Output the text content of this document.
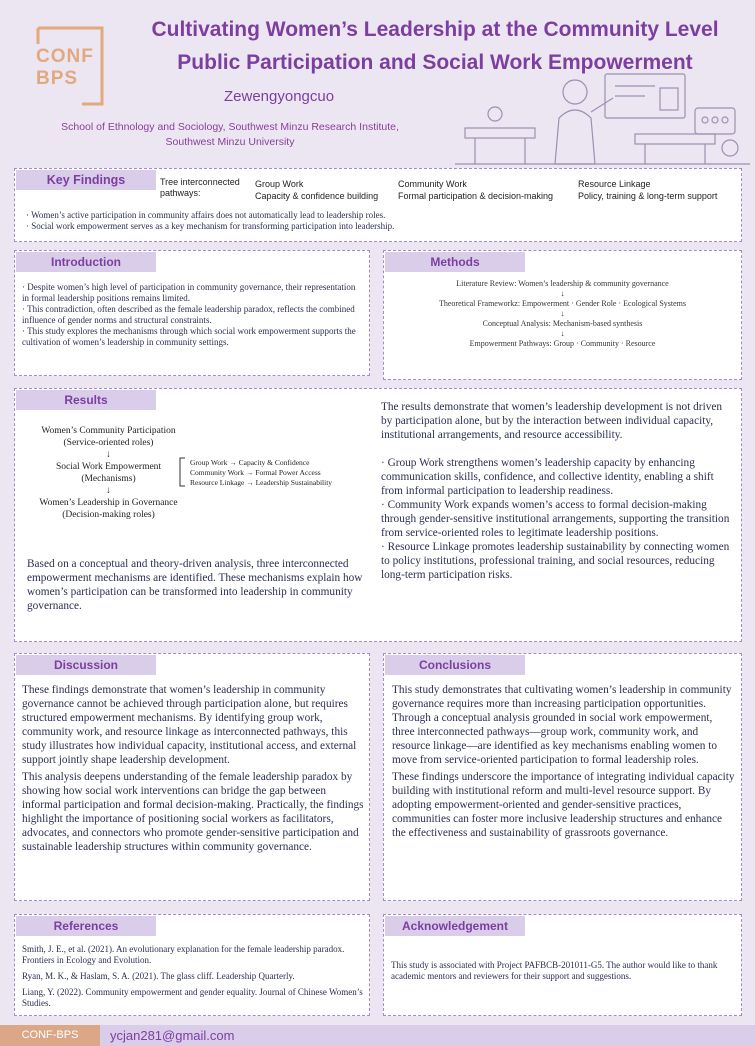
CONF
BPS
Cultivating Women’s Leadership at the Community Level
Public Participation and Social Work Empowerment
Zewengyongcuo
School of Ethnology and Sociology, Southwest Minzu Research Institute,
Southwest Minzu University
Key Findings	Tree interconnected
pathways:
Group Work
Capacity & confidence building
Community Work
Formal participation & decision-making
Resource Linkage
Policy, training & long-term support

· Women’s active participation in community affairs does not automatically lead to leadership roles.

· Social work empowerment serves as a key mechanism for transforming participation into leadership.

Introduction

· Despite women’s high level of participation in community governance, their representation in formal leadership positions remains limited.

· This contradiction, often described as the female leadership paradox, reflects the combined influence of gender norms and structural constraints.

· This study explores the mechanisms through which social work empowerment supports the cultivation of women’s leadership in community settings.

Methods
Literature Review: Women’s leadership & community governance
↓
Theoretical Frameworkz: Empowerment · Gender Role · Ecological Systems
↓
Conceptual Analysis: Mechanism-based synthesis
↓
Empowerment Pathways: Group · Community · Resource
Results
Women’s Community Participation
(Service-oriented roles)
↓
Social Work Empowerment
(Mechanisms)
↓
Women’s Leadership in Governance
(Decision-making roles)
Group Work → Capacity & Confidence
Community Work → Formal Power Access
Resource Linkage → Leadership Sustainability
Based on a conceptual and theory-driven analysis, three interconnected empowerment mechanisms are identified. These mechanisms explain how women’s participation can be transformed into leadership in community governance.

The results demonstrate that women’s leadership development is not driven by participation alone, but by the interaction between individual capacity, institutional arrangements, and resource accessibility.

· Group Work strengthens women’s leadership capacity by enhancing communication skills, confidence, and collective identity, enabling a shift from informal participation to leadership readiness.

· Community Work expands women’s access to formal decision-making through gender-sensitive institutional arrangements, supporting the transition from service-oriented roles to legitimate leadership positions.

· Resource Linkage promotes leadership sustainability by connecting women to policy institutions, professional training, and social resources, reducing long-term participation risks.

Discussion

These findings demonstrate that women’s leadership in community governance cannot be achieved through participation alone, but requires structured empowerment mechanisms. By identifying group work, community work, and resource linkage as interconnected pathways, this study illustrates how individual capacity, institutional access, and external support jointly shape leadership development.

This analysis deepens understanding of the female leadership paradox by showing how social work interventions can bridge the gap between informal participation and formal decision-making. Practically, the findings highlight the importance of positioning social workers as facilitators, advocates, and connectors who promote gender-sensitive participation and sustainable leadership structures within community governance.

Conclusions

This study demonstrates that cultivating women’s leadership in community governance requires more than increasing participation opportunities. Through a conceptual analysis grounded in social work empowerment, three interconnected pathways—group work, community work, and resource linkage—are identified as key mechanisms enabling women to move from service-oriented participation to formal leadership roles.

These findings underscore the importance of integrating individual capacity building with institutional reform and multi-level resource support. By adopting empowerment-oriented and gender-sensitive practices, communities can foster more inclusive leadership structures and enhance the effectiveness and sustainability of grassroots governance.

References

Smith, J. E., et al. (2021). An evolutionary explanation for the female leadership paradox. Frontiers in Ecology and Evolution.

Ryan, M. K., & Haslam, S. A. (2021). The glass cliff. Leadership Quarterly.

Liang, Y. (2022). Community empowerment and gender equality. Journal of Chinese Women’s Studies.

Acknowledgement
This study is associated with Project PAFBCB-201011-G5. The author would like to thank academic mentors and reviewers for their support and suggestions.
CONF-BPS	ycjan281@gmail.com
